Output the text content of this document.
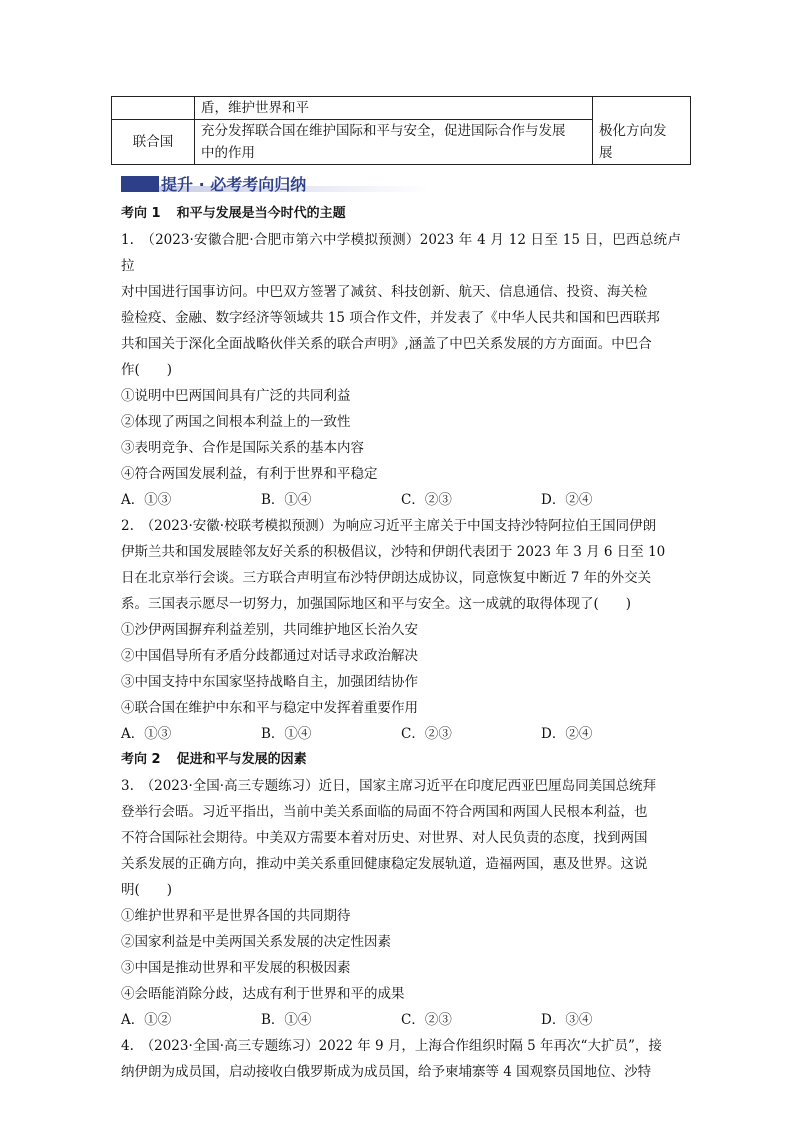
	盾，维护世界和平	极化方向发
展

联合国	充分发挥联合国在维护国际和平与安全，促进国际合作与发展
中的作用	
提升 · 必考考向归纳
考向 1 和平与发展是当今时代的主题

1.　（2023·安徽合肥·合肥市第六中学模拟预测）2023 年 4 月 12 日至 15 日，巴西总统卢拉

对中国进行国事访问。中巴双方签署了减贫、科技创新、航天、信息通信、投资、海关检

验检疫、金融、数字经济等领域共 15 项合作文件，并发表了《中华人民共和国和巴西联邦

共和国关于深化全面战略伙伴关系的联合声明》,涵盖了中巴关系发展的方方面面。中巴合

作(　　)

①说明中巴两国间具有广泛的共同利益

②体现了两国之间根本利益上的一致性

③表明竞争、合作是国际关系的基本内容

④符合两国发展利益，有利于世界和平稳定

A．①③	B．①④	C．②③	D．②④

2.　（2023·安徽·校联考模拟预测）为响应习近平主席关于中国支持沙特阿拉伯王国同伊朗

伊斯兰共和国发展睦邻友好关系的积极倡议，沙特和伊朗代表团于 2023 年 3 月 6 日至 10

日在北京举行会谈。三方联合声明宣布沙特伊朗达成协议，同意恢复中断近 7 年的外交关

系。三国表示愿尽一切努力，加强国际地区和平与安全。这一成就的取得体现了(　　)

①沙伊两国摒弃利益差别，共同维护地区长治久安

②中国倡导所有矛盾分歧都通过对话寻求政治解决

③中国支持中东国家坚持战略自主，加强团结协作

④联合国在维护中东和平与稳定中发挥着重要作用

A．①③	B．①④	C．②③	D．②④
考向 2 促进和平与发展的因素

3.　（2023·全国·高三专题练习）近日，国家主席习近平在印度尼西亚巴厘岛同美国总统拜

登举行会晤。习近平指出，当前中美关系面临的局面不符合两国和两国人民根本利益，也

不符合国际社会期待。中美双方需要本着对历史、对世界、对人民负责的态度，找到两国

关系发展的正确方向，推动中美关系重回健康稳定发展轨道，造福两国，惠及世界。这说

明(　　)

①维护世界和平是世界各国的共同期待

②国家利益是中美两国关系发展的决定性因素

③中国是推动世界和平发展的积极因素

④会晤能消除分歧，达成有利于世界和平的成果

A．①②	B．①④	C．②③	D．③④

4.　（2023·全国·高三专题练习）2022 年 9 月，上海合作组织时隔 5 年再次“大扩员”，接

纳伊朗为成员国，启动接收白俄罗斯成为成员国，给予柬埔寨等 4 国观察员国地位、沙特
